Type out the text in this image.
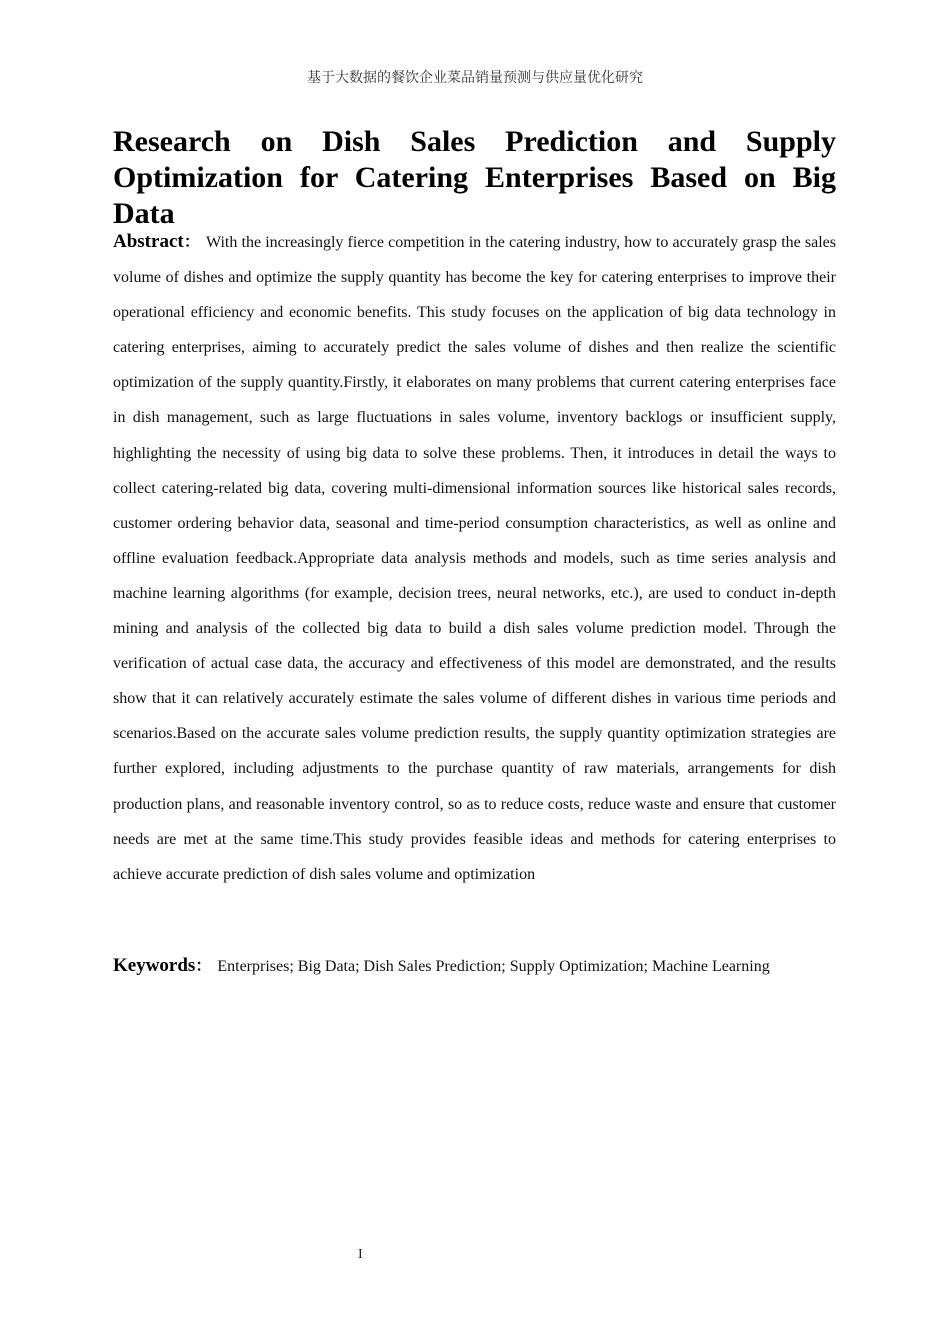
基于大数据的餐饮企业菜品销量预测与供应量优化研究
Research on Dish Sales Prediction and Supply
Optimization for Catering Enterprises Based on Big Data

Abstract： With the increasingly fierce competition in the catering industry, how to accurately grasp the sales volume of dishes and optimize the supply quantity has become the key for catering enterprises to improve their operational efficiency and economic benefits. This study focuses on the application of big data technology in catering enterprises, aiming to accurately predict the sales volume of dishes and then realize the scientific optimization of the supply quantity.Firstly, it elaborates on many problems that current catering enterprises face in dish management, such as large fluctuations in sales volume, inventory backlogs or insufficient supply, highlighting the necessity of using big data to solve these problems. Then, it introduces in detail the ways to collect catering-related big data, covering multi-dimensional information sources like historical sales records, customer ordering behavior data, seasonal and time-period consumption characteristics, as well as online and offline evaluation feedback.Appropriate data analysis methods and models, such as time series analysis and machine learning algorithms (for example, decision trees, neural networks, etc.), are used to conduct in-depth mining and analysis of the collected big data to build a dish sales volume prediction model. Through the verification of actual case data, the accuracy and effectiveness of this model are demonstrated, and the results show that it can relatively accurately estimate the sales volume of different dishes in various time periods and scenarios.Based on the accurate sales volume prediction results, the supply quantity optimization strategies are further explored, including adjustments to the purchase quantity of raw materials, arrangements for dish production plans, and reasonable inventory control, so as to reduce costs, reduce waste and ensure that customer needs are met at the same time.This study provides feasible ideas and methods for catering enterprises to achieve accurate prediction of dish sales volume and optimization

Keywords： Enterprises; Big Data; Dish Sales Prediction; Supply Optimization; Machine Learning

I
